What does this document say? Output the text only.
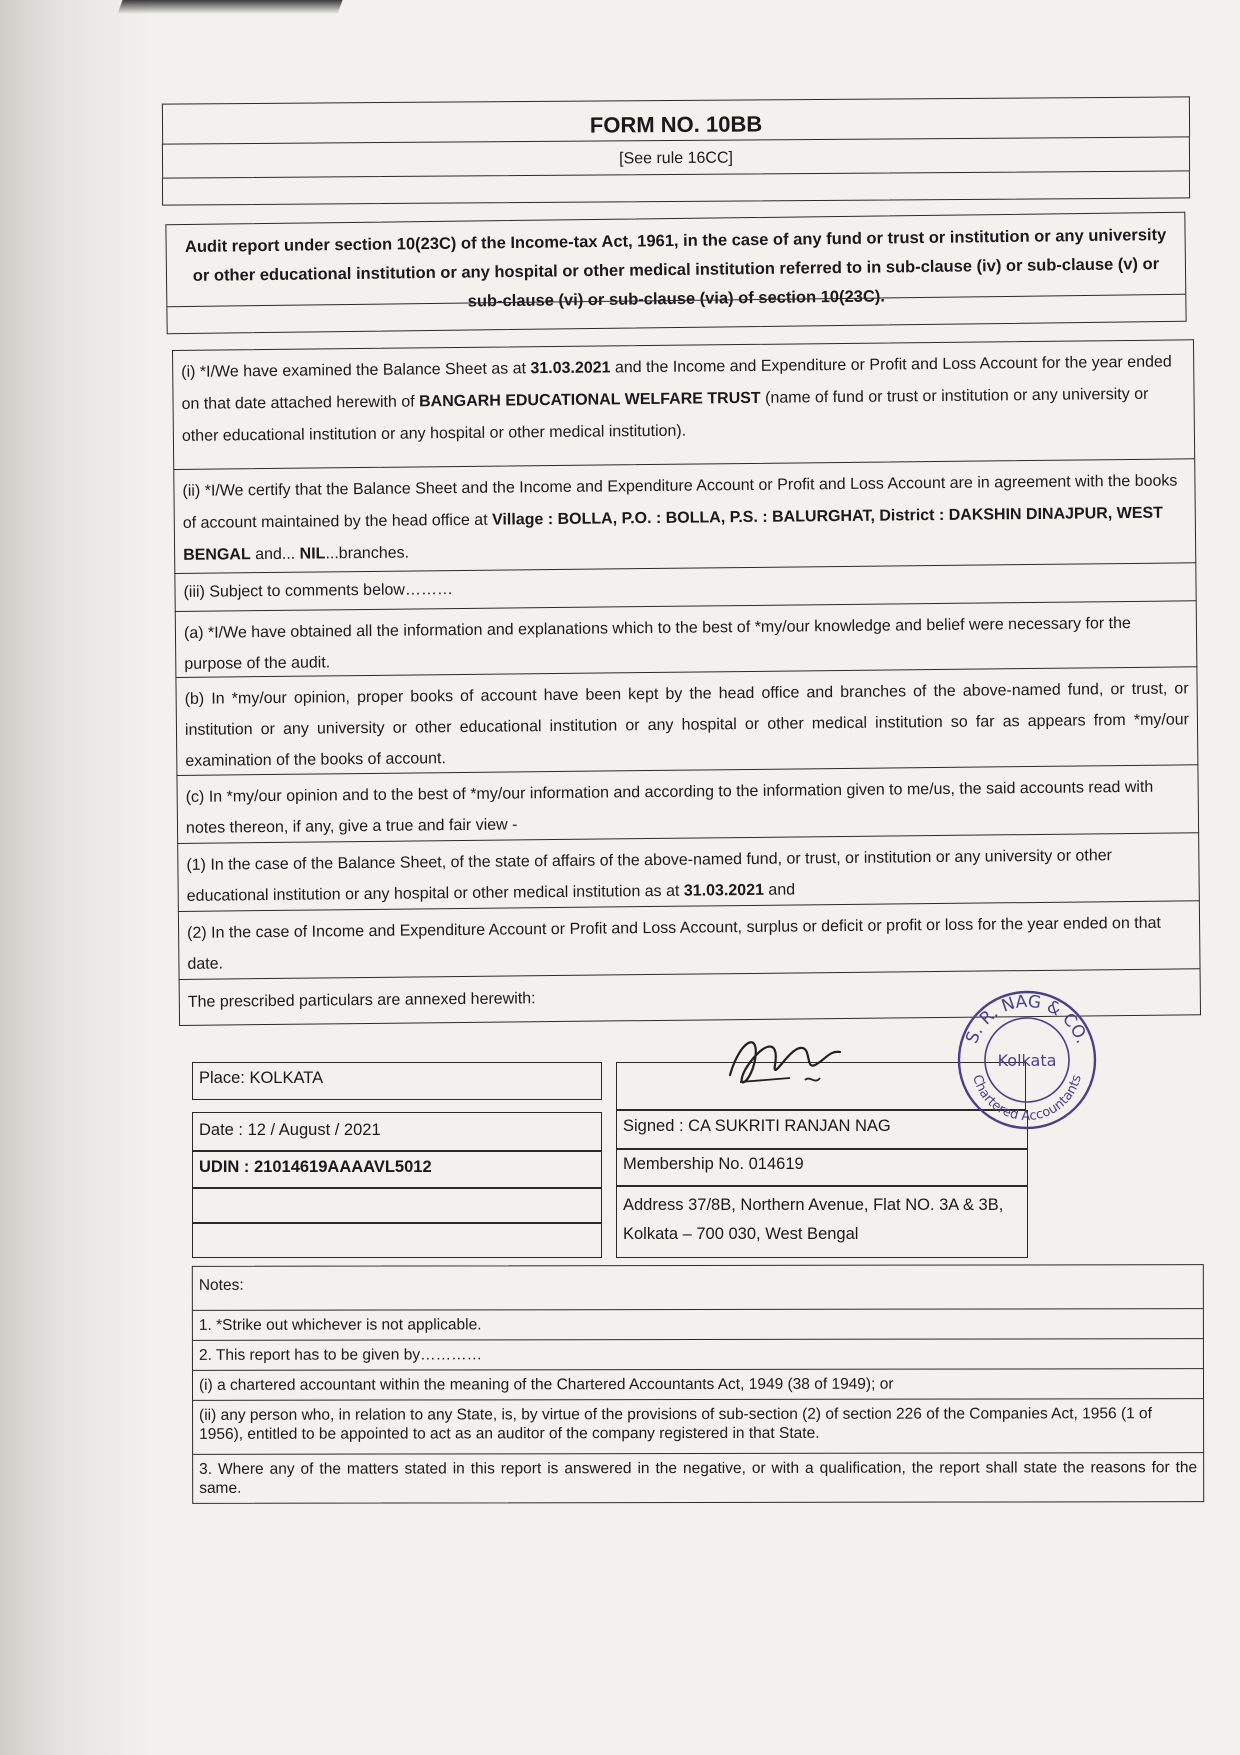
FORM NO. 10BB
[See rule 16CC]
Audit report under section 10(23C) of the Income-tax Act, 1961, in the case of any fund or trust or institution or any university or other educational institution or any hospital or other medical institution referred to in sub-clause (iv) or sub-clause (v) or sub-clause (vi) or sub-clause (via) of section 10(23C).
(i) *I/We have examined the Balance Sheet as at 31.03.2021 and the Income and Expenditure or Profit and Loss Account for the year ended on that date attached herewith of BANGARH EDUCATIONAL WELFARE TRUST (name of fund or trust or institution or any university or other educational institution or any hospital or other medical institution).
(ii) *I/We certify that the Balance Sheet and the Income and Expenditure Account or Profit and Loss Account are in agreement with the books of account maintained by the head office at Village : BOLLA, P.O. : BOLLA, P.S. : BALURGHAT, District : DAKSHIN DINAJPUR, WEST BENGAL and... NIL...branches.
(iii) Subject to comments below………
(a) *I/We have obtained all the information and explanations which to the best of *my/our knowledge and belief were necessary for the purpose of the audit.
(b) In *my/our opinion, proper books of account have been kept by the head office and branches of the above-named fund, or trust, or institution or any university or other educational institution or any hospital or other medical institution so far as appears from *my/our examination of the books of account.
(c) In *my/our opinion and to the best of *my/our information and according to the information given to me/us, the said accounts read with notes thereon, if any, give a true and fair view -
(1) In the case of the Balance Sheet, of the state of affairs of the above-named fund, or trust, or institution or any university or other educational institution or any hospital or other medical institution as at 31.03.2021 and
(2) In the case of Income and Expenditure Account or Profit and Loss Account, surplus or deficit or profit or loss for the year ended on that date.
The prescribed particulars are annexed herewith:
Place: KOLKATA
Date : 12 / August / 2021	Signed : CA SUKRITI RANJAN NAG
UDIN : 21014619AAAAVL5012	Membership No. 014619
Address 37/8B, Northern Avenue, Flat NO. 3A & 3B,
Kolkata – 700 030, West Bengal
S. R. NAG & CO.
Kolkata
Chartered Accountants
Notes:
1. *Strike out whichever is not applicable.
2. This report has to be given by…………
(i) a chartered accountant within the meaning of the Chartered Accountants Act, 1949 (38 of 1949); or
(ii) any person who, in relation to any State, is, by virtue of the provisions of sub-section (2) of section 226 of the Companies Act, 1956 (1 of 1956), entitled to be appointed to act as an auditor of the company registered in that State.
3. Where any of the matters stated in this report is answered in the negative, or with a qualification, the report shall state the reasons for the same.
